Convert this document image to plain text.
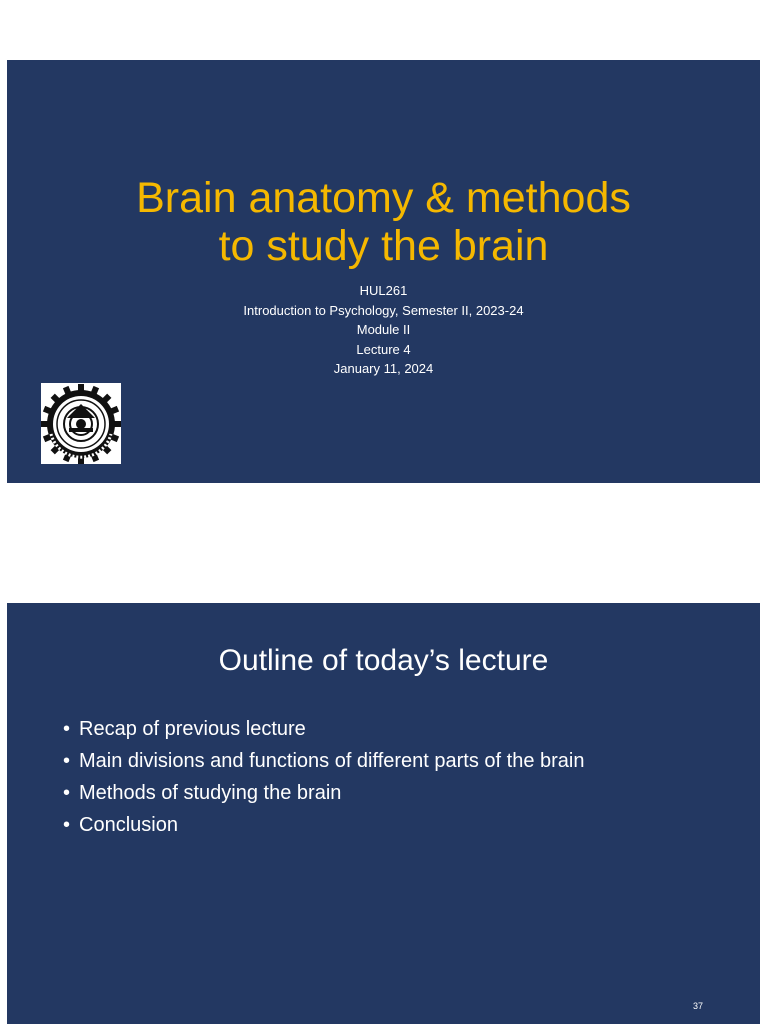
Brain anatomy & methods
to study the brain
HUL261
Introduction to Psychology, Semester II, 2023-24
Module II
Lecture 4
January 11, 2024
Outline of today’s lecture
• Recap of previous lecture
• Main divisions and functions of different parts of the brain
• Methods of studying the brain
• Conclusion
37
